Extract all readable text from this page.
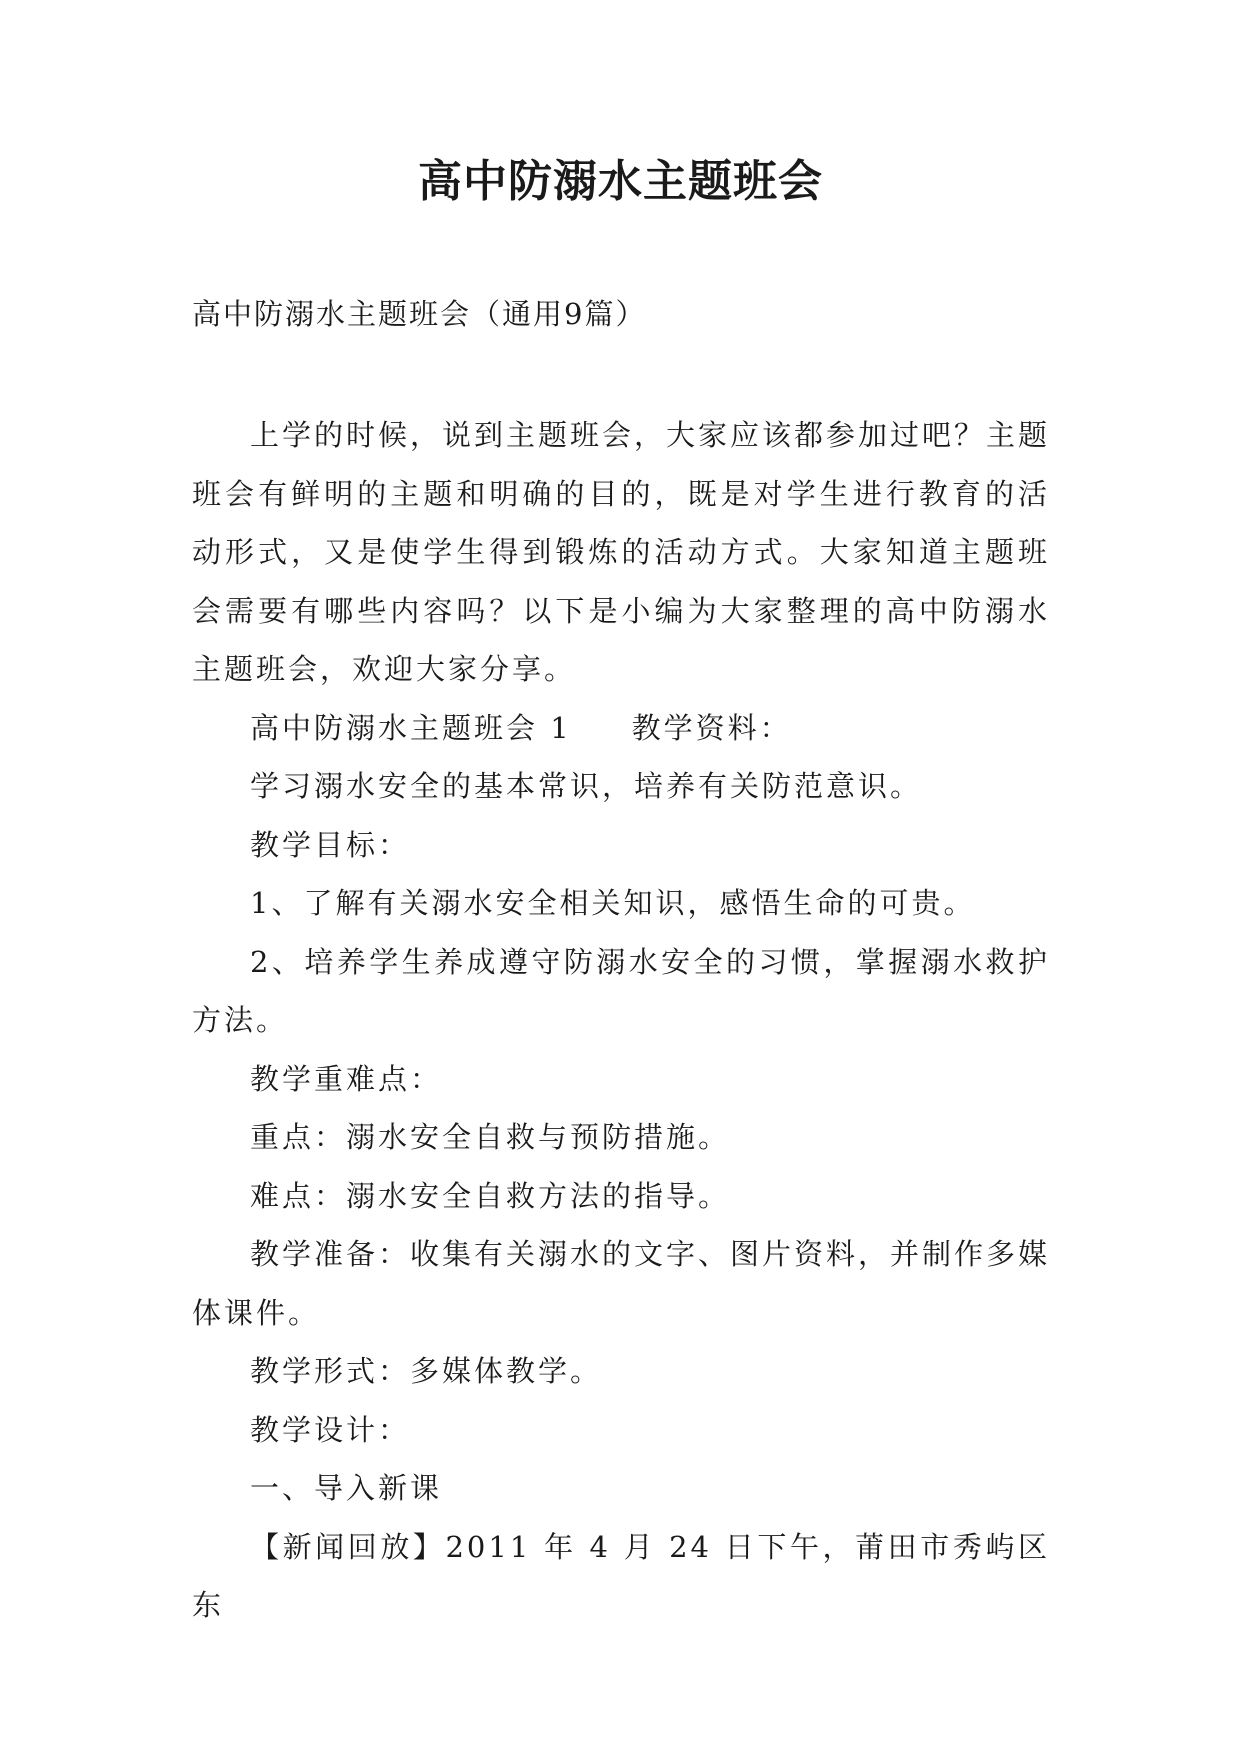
高中防溺水主题班会
高中防溺水主题班会（通用9篇）

上学的时候，说到主题班会，大家应该都参加过吧？主题班会有鲜明的主题和明确的目的，既是对学生进行教育的活动形式，又是使学生得到锻炼的活动方式。大家知道主题班会需要有哪些内容吗？以下是小编为大家整理的高中防溺水主题班会，欢迎大家分享。

高中防溺水主题班会 1 教学资料：

学习溺水安全的基本常识，培养有关防范意识。

教学目标：

1、了解有关溺水安全相关知识，感悟生命的可贵。

2、培养学生养成遵守防溺水安全的习惯，掌握溺水救护方法。

教学重难点：

重点：溺水安全自救与预防措施。

难点：溺水安全自救方法的指导。

教学准备：收集有关溺水的文字、图片资料，并制作多媒体课件。

教学形式：多媒体教学。

教学设计：

一、导入新课

【新闻回放】2011 年 4 月 24 日下午，莆田市秀屿区东
